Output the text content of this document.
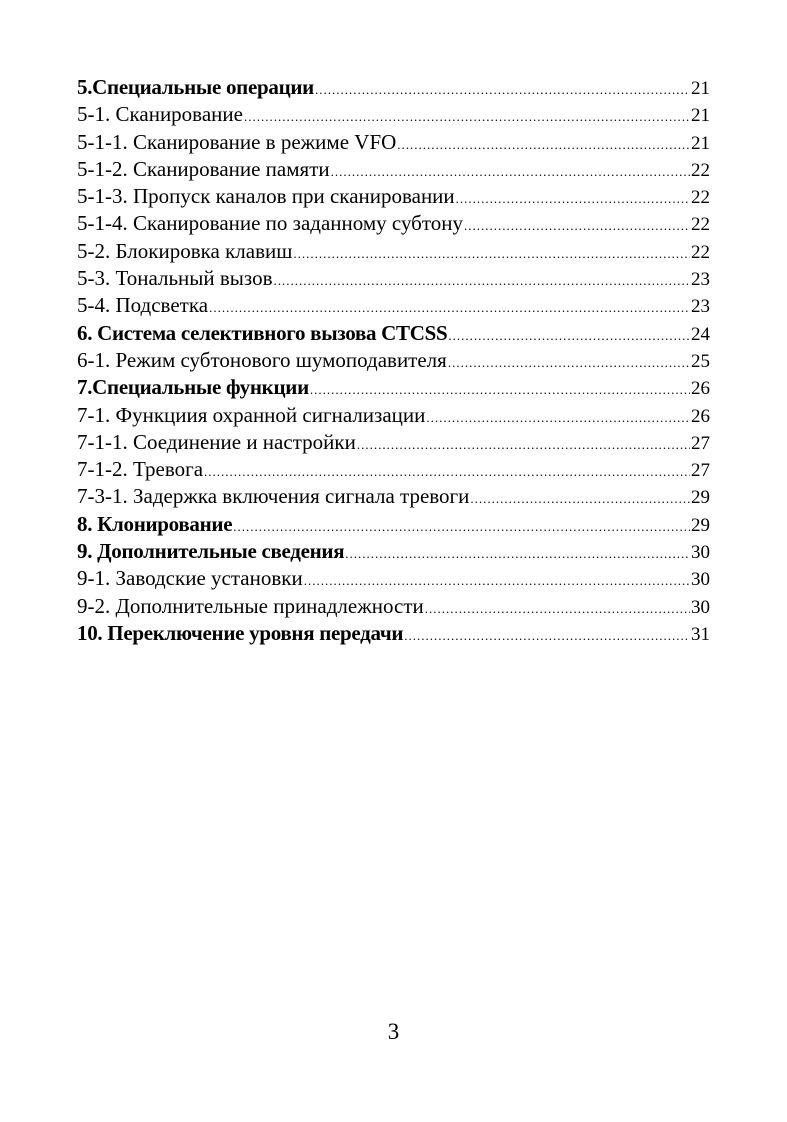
5.Специальные операции .....	21
5-1. Сканирование .....	21
5-1-1. Сканирование в режиме VFO .....	21
5-1-2. Сканирование памяти .....	22
5-1-3. Пропуск каналов при сканировании .....	22
5-1-4. Сканирование по заданному субтону .....	22
5-2. Блокировка клавиш .....	22
5-3. Тональный вызов .....	23
5-4. Подсветка .....	23
6. Система селективного вызова CTCSS .....	24
6-1. Режим субтонового шумоподавителя .....	25
7.Специальные функции .....	26
7-1. Функциия охранной сигнализации .....	26
7-1-1. Соединение и настройки .....	27
7-1-2. Тревога .....	27
7-3-1. Задержка включения сигнала тревоги .....	29
8. Клонирование .....	29
9. Дополнительные сведения .....	30
9-1. Заводские установки .....	30
9-2. Дополнительные принадлежности .....	30
10. Переключение уровня передачи .....	31
3
